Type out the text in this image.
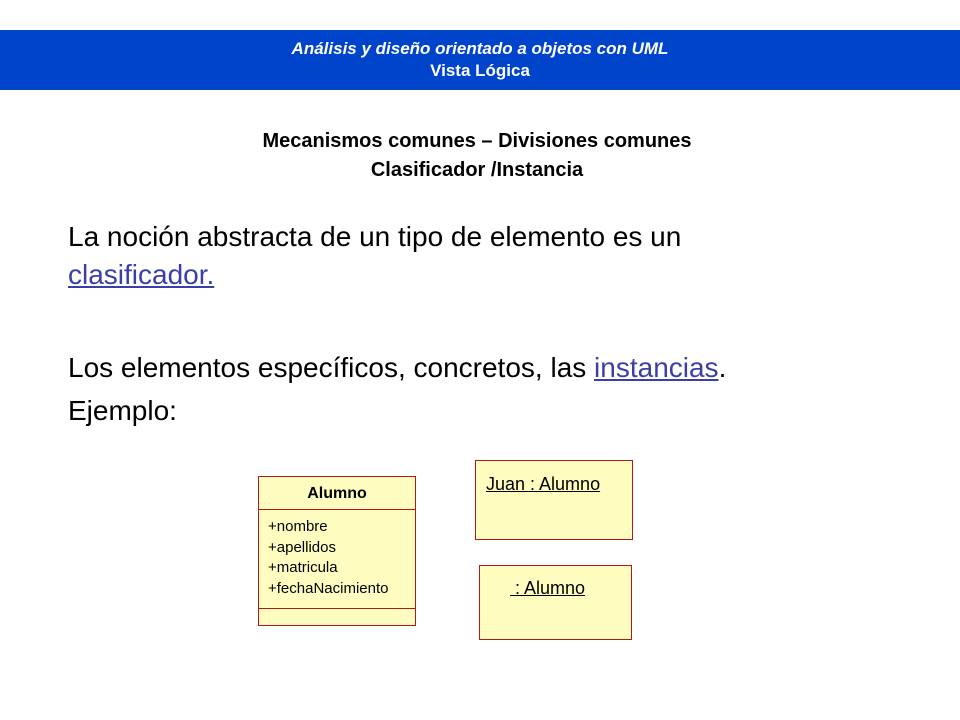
Análisis y diseño orientado a objetos con UML
Vista Lógica
Mecanismos comunes – Divisiones comunes
Clasificador /Instancia
La noción abstracta de un tipo de elemento es un clasificador.
Los elementos específicos, concretos, las instancias.
Ejemplo:
Alumno
+nombre
+apellidos
+matricula
+fechaNacimiento
Juan : Alumno
: Alumno
